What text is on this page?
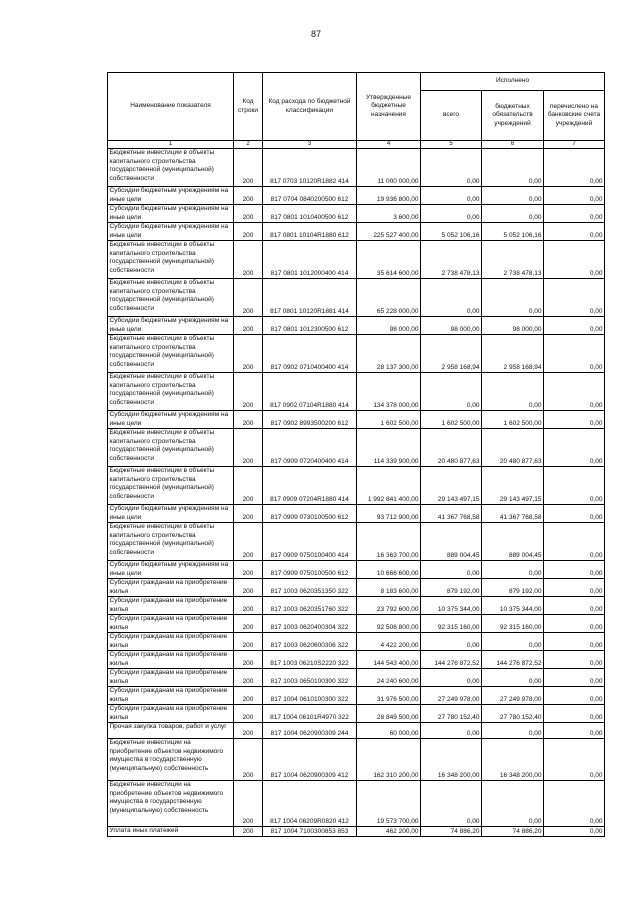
87
Наименование показателя	Код строки	Код расхода по бюджетной классификации	Утвержденные бюджетные назначения	Исполнено		
				всего	бюджетных обязательств учреждений	перечислено на банковские счета учреждений
1	2	3	4	5	6	7
Бюджетные инвестиции в объекты капитального строительства государственной (муниципальной) собственности	200	817 0703 10120R1882 414	11 000 000,00	0,00	0,00	0,00
Субсидии бюджетным учреждениям на иные цели	200	817 0704 0840200500 612	19 936 800,00	0,00	0,00	0,00
Субсидии бюджетным учреждениям на иные цели	200	817 0801 1010400500 612	3 600,00	0,00	0,00	0,00
Субсидии бюджетным учреждениям на иные цели	200	817 0801 10104R1880 612	225 527 400,00	5 052 106,16	5 052 106,16	0,00
Бюджетные инвестиции в объекты капитального строительства государственной (муниципальной) собственности	200	817 0801 1012000400 414	35 614 600,00	2 738 478,13	2 738 478,13	0,00
Бюджетные инвестиции в объекты капитального строительства государственной (муниципальной) собственности	200	817 0801 10120R1881 414	65 228 000,00	0,00	0,00	0,00
Субсидии бюджетным учреждениям на иные цели	200	817 0801 1012300500 612	98 000,00	98 000,00	98 000,00	0,00
Бюджетные инвестиции в объекты капитального строительства государственной (муниципальной) собственности	200	817 0902 0710400400 414	28 137 300,00	2 958 168,94	2 958 168,94	0,00
Бюджетные инвестиции в объекты капитального строительства государственной (муниципальной) собственности	200	817 0902 07104R1880 414	134 378 000,00	0,00	0,00	0,00
Субсидии бюджетным учреждениям на иные цели	200	817 0902 8993500200 612	1 602 500,00	1 602 500,00	1 602 500,00	0,00
Бюджетные инвестиции в объекты капитального строительства государственной (муниципальной) собственности	200	817 0909 0720400400 414	114 339 900,00	20 480 877,63	20 480 877,63	0,00
Бюджетные инвестиции в объекты капитального строительства государственной (муниципальной) собственности	200	817 0909 07204R1880 414	1 992 841 400,00	29 143 497,15	29 143 497,15	0,00
Субсидии бюджетным учреждениям на иные цели	200	817 0909 0730100500 612	93 712 900,00	41 367 768,58	41 367 768,58	0,00
Бюджетные инвестиции в объекты капитального строительства государственной (муниципальной) собственности	200	817 0909 0750100400 414	16 363 700,00	889 004,45	889 004,45	0,00
Субсидии бюджетным учреждениям на иные цели	200	817 0909 0750100500 612	10 666 600,00	0,00	0,00	0,00
Субсидии гражданам на приобретение жилья	200	817 1003 0620351350 322	8 183 600,00	879 192,00	879 192,00	0,00
Субсидии гражданам на приобретение жилья	200	817 1003 0620351760 322	23 792 600,00	10 375 344,00	10 375 344,00	0,00
Субсидии гражданам на приобретение жилья	200	817 1003 0620400304 322	92 506 800,00	92 315 160,00	92 315 160,00	0,00
Субсидии гражданам на приобретение жилья	200	817 1003 0620600306 322	4 422 200,00	0,00	0,00	0,00
Субсидии гражданам на приобретение жилья	200	817 1003 06210S2220 322	144 543 400,00	144 276 872,52	144 276 872,52	0,00
Субсидии гражданам на приобретение жилья	200	817 1003 0650100300 322	24 240 600,00	0,00	0,00	0,00
Субсидии гражданам на приобретение жилья	200	817 1004 0610100300 322	31 976 500,00	27 249 978,00	27 249 978,00	0,00
Субсидии гражданам на приобретение жилья	200	817 1004 06101R4970 322	28 849 500,00	27 780 152,40	27 780 152,40	0,00
Прочая закупка товаров, работ и услуг	200	817 1004 0620900309 244	60 000,00	0,00	0,00	0,00
Бюджетные инвестиции на приобретение объектов недвижимого имущества в государственную (муниципальную) собственность	200	817 1004 0620900309 412	162 310 200,00	16 348 200,00	16 348 200,00	0,00
Бюджетные инвестиции на приобретение объектов недвижимого имущества в государственную (муниципальную) собственность	200	817 1004 06209R0820 412	19 573 700,00	0,00	0,00	0,00
Уплата иных платежей	200	817 1004 7100300853 853	462 200,00	74 886,20	74 886,20	0,00
